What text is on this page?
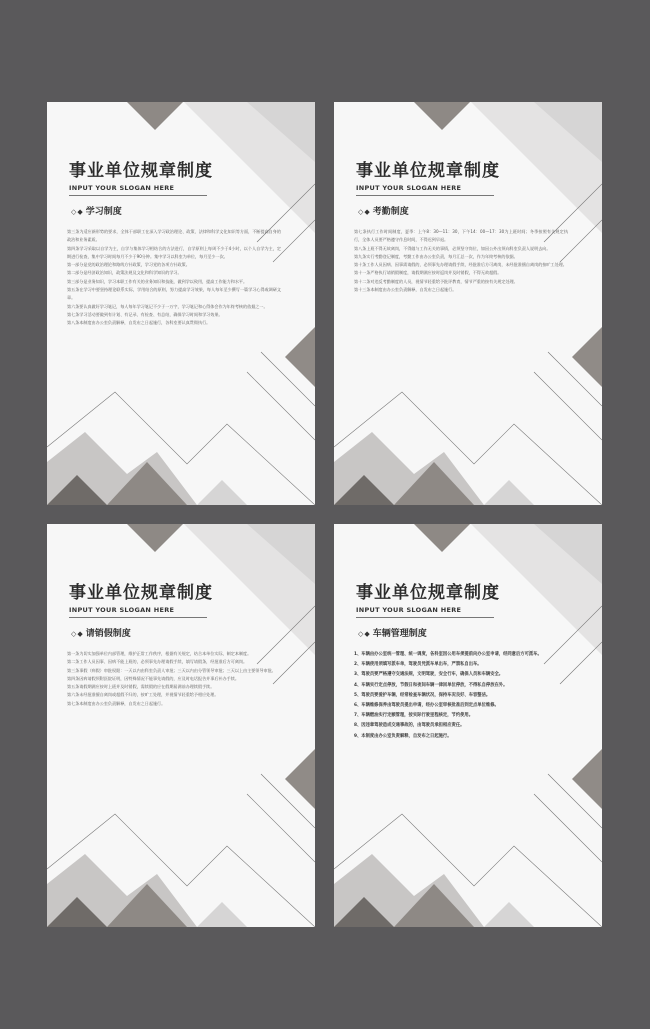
事业单位规章制度
INPUT YOUR SLOGAN HERE
◇◆ 学习制度

第三条为适应新形势的要求，全体干部职工在深入学习政治理论、政策、法律和科学文化知识等方面，不断提高自身的政治和业务素质。

第四条学习采取以自学为主，自学与集体学习相结合的方法进行，自学原则上每周不少于4小时，以个人自学为主，定期进行检查，集中学习时间每月不少于90分钟。集中学习以科室为单位，每月至少一次。

第一部分是党的政治理论和路线方针政策，学习党的各项方针政策。

第二部分是经济政治知识，政策法规及文化和科学知识的学习。

第三部分是业务知识，学习本职工作有关的业务知识和技能，做到学以致用，提高工作能力和水平。

第五条在学习中要坚持理论联系实际，学用结合的原则，努力提高学习效果，每人每年至少撰写一篇学习心得或调研文章。

第六条要认真做好学习笔记，每人每年学习笔记不少于一万字，学习笔记和心得体会作为年终考核的依据之一。

第七条学习活动要做到有计划、有记录、有检查、有总结，确保学习时间和学习效果。

第八条本制度由办公室负责解释，自发布之日起施行，各科室要认真贯彻执行。

事业单位规章制度
INPUT YOUR SLOGAN HERE
◇◆ 考勤制度

第七条执行工作时间制度，夏季：上午8：30—11：30，下午14：00—17：30为上班时间；冬季按照有关规定执行，全体人员要严格遵守作息时间，不得迟到早退。

第八条上班不得无故离岗，不得做与工作无关的事情，必须坚守岗位，如因公外出须向科室负责人说明去向。

第九条实行考勤登记制度，考勤工作由办公室负责，每月汇总一次，作为年终考核的依据。

第十条工作人员因病、因事需请假的，必须事先办理请假手续，经批准后方可离岗，未经批准擅自离岗的按旷工处理。

第十一条严格执行请销假制度，请假期满应按时返岗并及时销假，不得无故超假。

第十二条对违反考勤制度的人员，视情节轻重给予批评教育，情节严重的按有关规定处理。

第十三条本制度由办公室负责解释，自发布之日起施行。

事业单位规章制度
INPUT YOUR SLOGAN HERE
◇◆ 请销假制度

第一条为切实加强单位内部管理，维护正常工作秩序，根据有关规定，结合本单位实际，制定本制度。

第二条工作人员因事、因病不能上班的，必须事先办理请假手续，填写请假条，经批准后方可离岗。

第三条事假（病假）审批权限：一天以内由科室负责人审批；三天以内由分管领导审批；三天以上由主要领导审批。

第四条因病请假须附医院证明，因特殊情况不能事先请假的，应及时电话报告并事后补办手续。

第五条请假期满应按时上班并及时销假，需续假的应在假期届满前办理续假手续。

第六条未经批准擅自离岗或超假不归的，按旷工处理，并视情节轻重给予相应处理。

第七条本制度由办公室负责解释，自发布之日起施行。

事业单位规章制度
INPUT YOUR SLOGAN HERE
◇◆ 车辆管理制度

1、车辆由办公室统一管理、统一调度，各科室因公用车须提前向办公室申请，经同意后方可派车。

2、车辆使用须填写派车单，驾驶员凭派车单出车，严禁私自出车。

3、驾驶员要严格遵守交通法规，文明驾驶，安全行车，确保人员和车辆安全。

4、车辆实行定点停放，节假日和夜间车辆一律回单位停放，不得私自停放在外。

5、驾驶员要爱护车辆，经常检查车辆状况，保持车况良好、车容整洁。

6、车辆维修保养由驾驶员提出申请，经办公室审核批准后到定点单位维修。

7、车辆燃油实行定额管理，按实际行驶里程核定，节约使用。

8、因违章驾驶造成交通事故的，由驾驶员承担相应责任。

9、本制度由办公室负责解释，自发布之日起施行。
